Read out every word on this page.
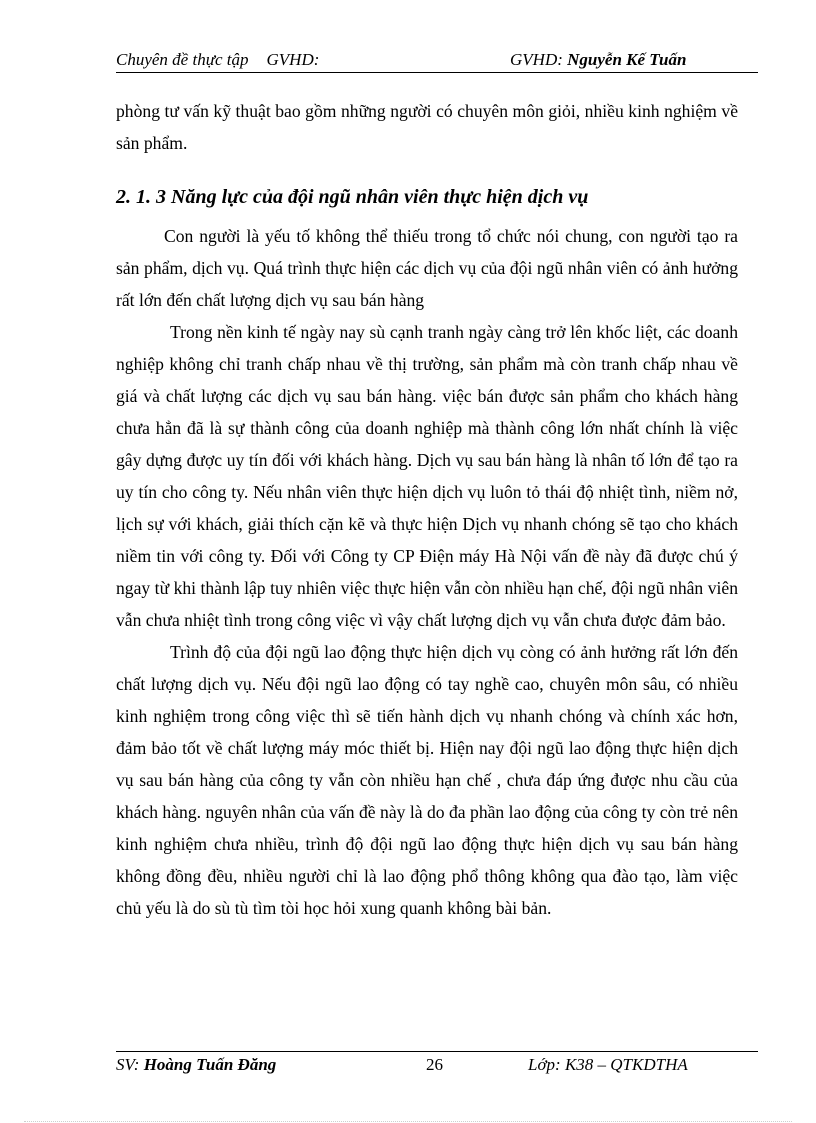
Chuyên đề thực tập GVHD:	GVHD: Nguyễn Kế Tuấn

phòng tư vấn kỹ thuật bao gồm những người có chuyên môn giỏi, nhiều kinh nghiệm về sản phẩm.

2. 1. 3 Năng lực của đội ngũ nhân viên thực hiện dịch vụ

Con người là yếu tố không thể thiếu trong tổ chức nói chung, con người tạo ra sản phẩm, dịch vụ. Quá trình thực hiện các dịch vụ của đội ngũ nhân viên có ảnh hưởng rất lớn đến chất lượng dịch vụ sau bán hàng

Trong nền kinh tế ngày nay sù cạnh tranh ngày càng trở lên khốc liệt, các doanh nghiệp không chỉ tranh chấp nhau về thị trường, sản phẩm mà còn tranh chấp nhau về giá và chất lượng các dịch vụ sau bán hàng. việc bán được sản phẩm cho khách hàng chưa hẳn đã là sự thành công của doanh nghiệp mà thành công lớn nhất chính là việc gây dựng được uy tín đối với khách hàng. Dịch vụ sau bán hàng là nhân tố lớn để tạo ra uy tín cho công ty. Nếu nhân viên thực hiện dịch vụ luôn tỏ thái độ nhiệt tình, niềm nở, lịch sự với khách, giải thích cặn kẽ và thực hiện Dịch vụ nhanh chóng sẽ tạo cho khách niềm tin với công ty. Đối với Công ty CP Điện máy Hà Nội vấn đề này đã được chú ý ngay từ khi thành lập tuy nhiên việc thực hiện vẫn còn nhiều hạn chế, đội ngũ nhân viên vẫn chưa nhiệt tình trong công việc vì vậy chất lượng dịch vụ vẫn chưa được đảm bảo.

Trình độ của đội ngũ lao động thực hiện dịch vụ còng có ảnh hưởng rất lớn đến chất lượng dịch vụ. Nếu đội ngũ lao động có tay nghề cao, chuyên môn sâu, có nhiều kinh nghiệm trong công việc thì sẽ tiến hành dịch vụ nhanh chóng và chính xác hơn, đảm bảo tốt về chất lượng máy móc thiết bị. Hiện nay đội ngũ lao động thực hiện dịch vụ sau bán hàng của công ty vẫn còn nhiều hạn chế , chưa đáp ứng được nhu cầu của khách hàng. nguyên nhân của vấn đề này là do đa phần lao động của công ty còn trẻ nên kinh nghiệm chưa nhiều, trình độ đội ngũ lao động thực hiện dịch vụ sau bán hàng không đồng đều, nhiều người chỉ là lao động phổ thông không qua đào tạo, làm việc chủ yếu là do sù tù tìm tòi học hỏi xung quanh không bài bản.

SV: Hoàng Tuấn Đăng	26	Lớp: K38 – QTKDTHA
